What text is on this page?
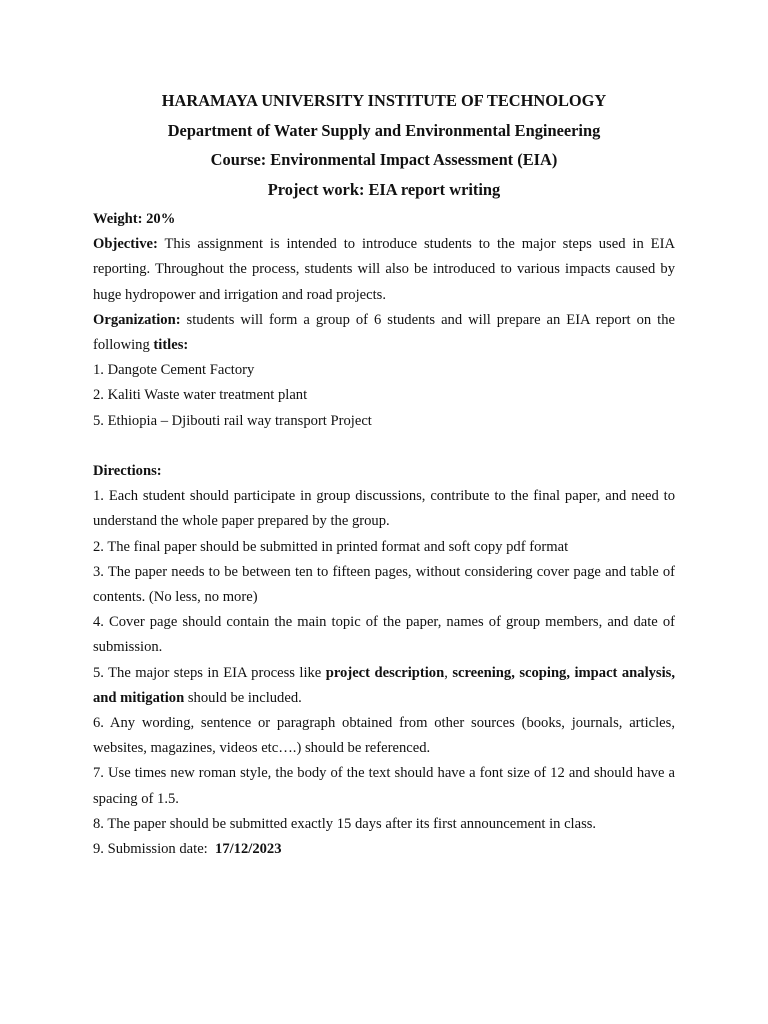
HARAMAYA UNIVERSITY INSTITUTE OF TECHNOLOGY

Department of Water Supply and Environmental Engineering

Course: Environmental Impact Assessment (EIA)

Project work: EIA report writing

Weight: 20%

Objective: This assignment is intended to introduce students to the major steps used in EIA reporting. Throughout the process, students will also be introduced to various impacts caused by huge hydropower and irrigation and road projects.

Organization: students will form a group of 6 students and will prepare an EIA report on the following titles:

1. Dangote Cement Factory

2. Kaliti Waste water treatment plant

5. Ethiopia – Djibouti rail way transport Project

Directions:

1. Each student should participate in group discussions, contribute to the final paper, and need to understand the whole paper prepared by the group.

2. The final paper should be submitted in printed format and soft copy pdf format

3. The paper needs to be between ten to fifteen pages, without considering cover page and table of contents. (No less, no more)

4. Cover page should contain the main topic of the paper, names of group members, and date of submission.

5. The major steps in EIA process like project description, screening, scoping, impact analysis, and mitigation should be included.

6. Any wording, sentence or paragraph obtained from other sources (books, journals, articles, websites, magazines, videos etc….) should be referenced.

7. Use times new roman style, the body of the text should have a font size of 12 and should have a spacing of 1.5.

8. The paper should be submitted exactly 15 days after its first announcement in class.

9. Submission date:  17/12/2023
